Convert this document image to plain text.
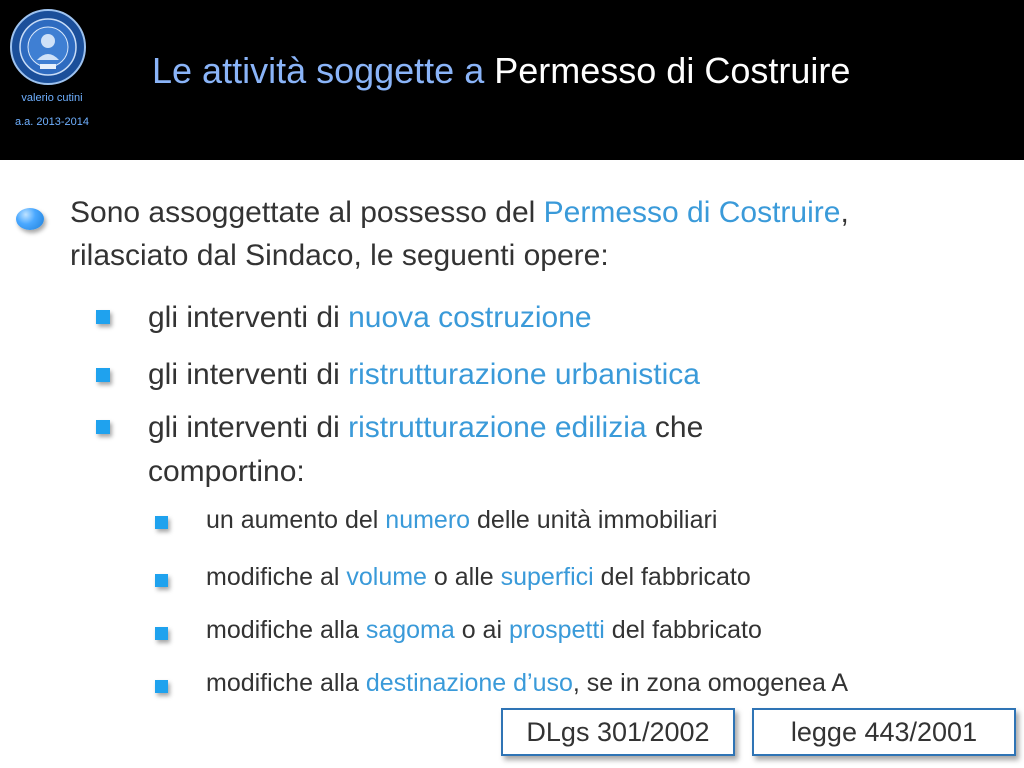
valerio cutini
a.a. 2013-2014
Le attività soggette a Permesso di Costruire
Sono assoggettate al possesso del Permesso di Costruire,
rilasciato dal Sindaco, le seguenti opere:
gli interventi di nuova costruzione
gli interventi di ristrutturazione urbanistica
gli interventi di ristrutturazione edilizia che
comportino:
un aumento del numero delle unità immobiliari
modifiche al volume o alle superfici del fabbricato
modifiche alla sagoma o ai prospetti del fabbricato
modifiche alla destinazione d’uso, se in zona omogenea A
DLgs 301/2002	legge 443/2001
